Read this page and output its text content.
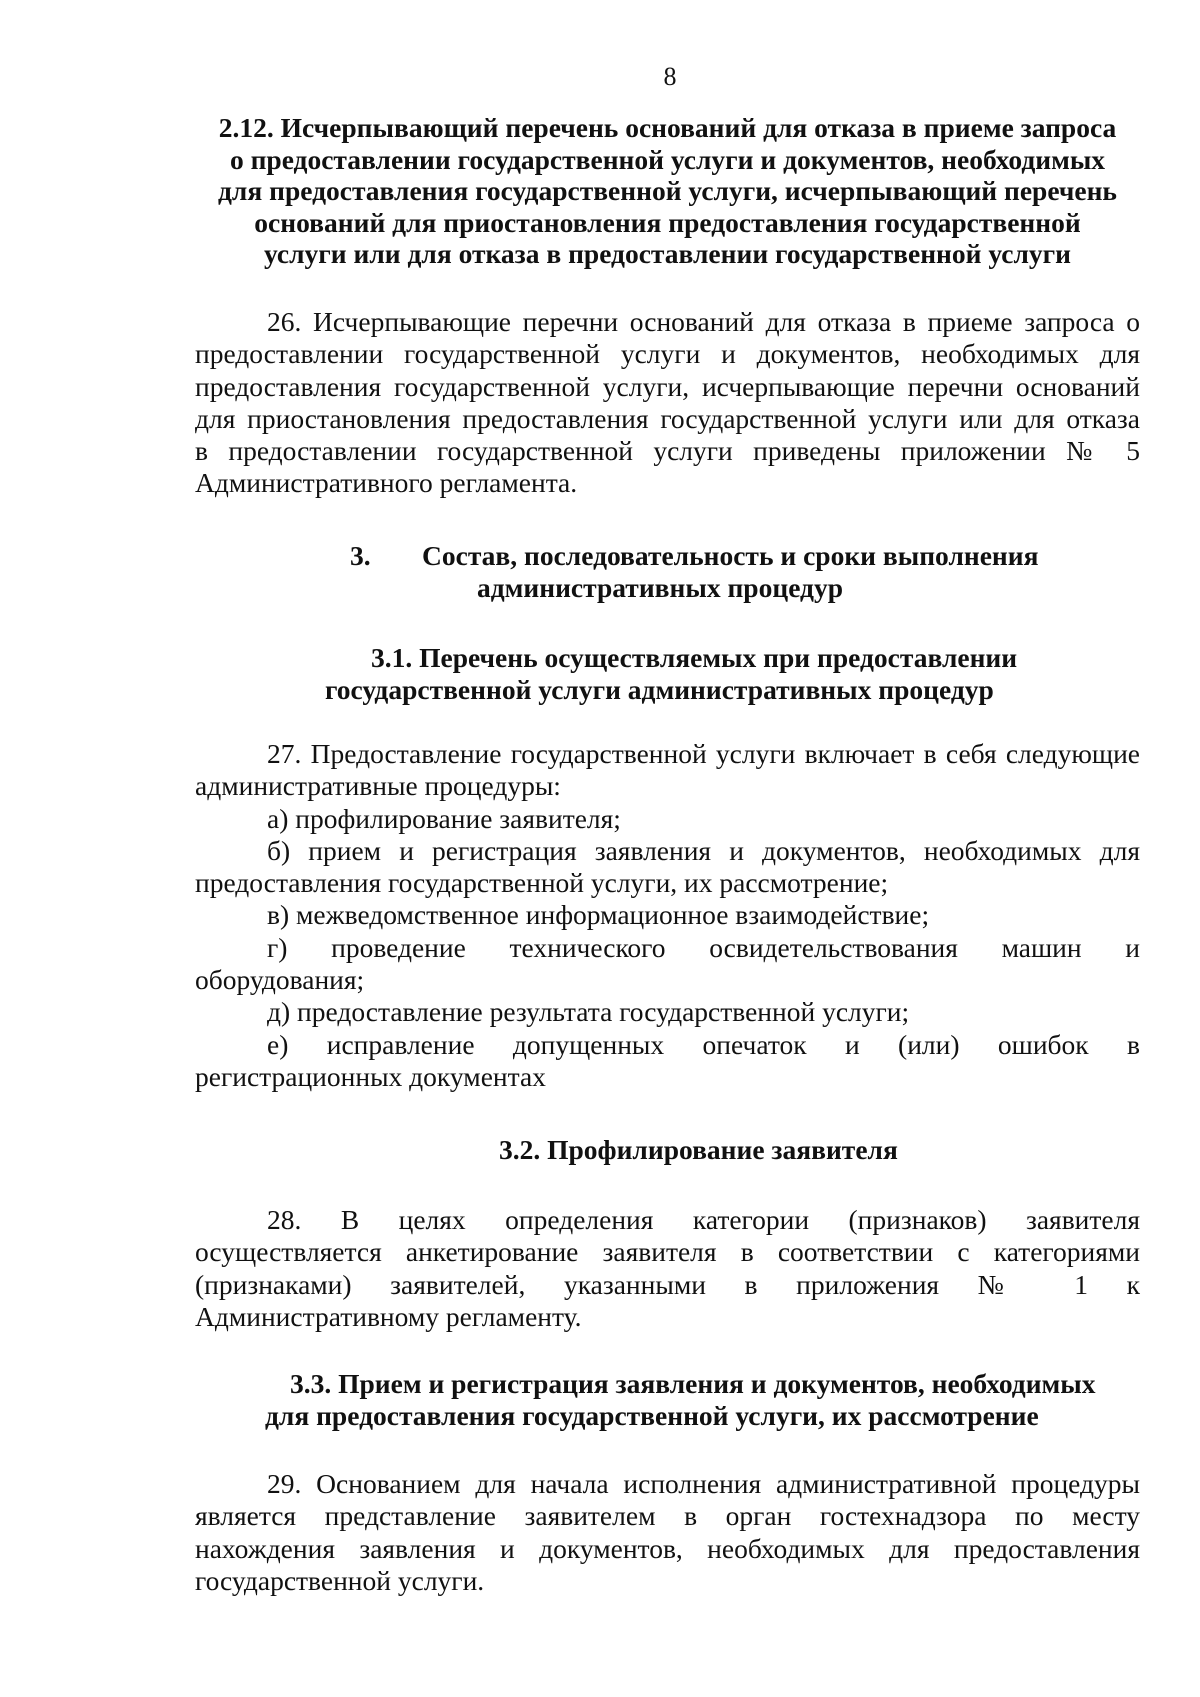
8
2.12. Исчерпывающий перечень оснований для отказа в приеме запроса
о предоставлении государственной услуги и документов, необходимых
для предоставления государственной услуги, исчерпывающий перечень
оснований для приостановления предоставления государственной
услуги или для отказа в предоставлении государственной услуги
26. Исчерпывающие перечни оснований для отказа в приеме запроса о
предоставлении государственной услуги и документов, необходимых для
предоставления государственной услуги, исчерпывающие перечни оснований
для приостановления предоставления государственной услуги или для отказа
в предоставлении государственной услуги приведены приложении № 5
Административного регламента.
3. Состав, последовательность и сроки выполнения
административных процедур
3.1. Перечень осуществляемых при предоставлении
государственной услуги административных процедур
27. Предоставление государственной услуги включает в себя следующие
административные процедуры:
а) профилирование заявителя;
б) прием и регистрация заявления и документов, необходимых для
предоставления государственной услуги, их рассмотрение;
в) межведомственное информационное взаимодействие;
г) проведение технического освидетельствования машин и
оборудования;
д) предоставление результата государственной услуги;
е) исправление допущенных опечаток и (или) ошибок в
регистрационных документах
3.2. Профилирование заявителя
28. В целях определения категории (признаков) заявителя
осуществляется анкетирование заявителя в соответствии с категориями
(признаками) заявителей, указанными в приложения № 1 к
Административному регламенту.
3.3. Прием и регистрация заявления и документов, необходимых
для предоставления государственной услуги, их рассмотрение
29. Основанием для начала исполнения административной процедуры
является представление заявителем в орган гостехнадзора по месту
нахождения заявления и документов, необходимых для предоставления
государственной услуги.
